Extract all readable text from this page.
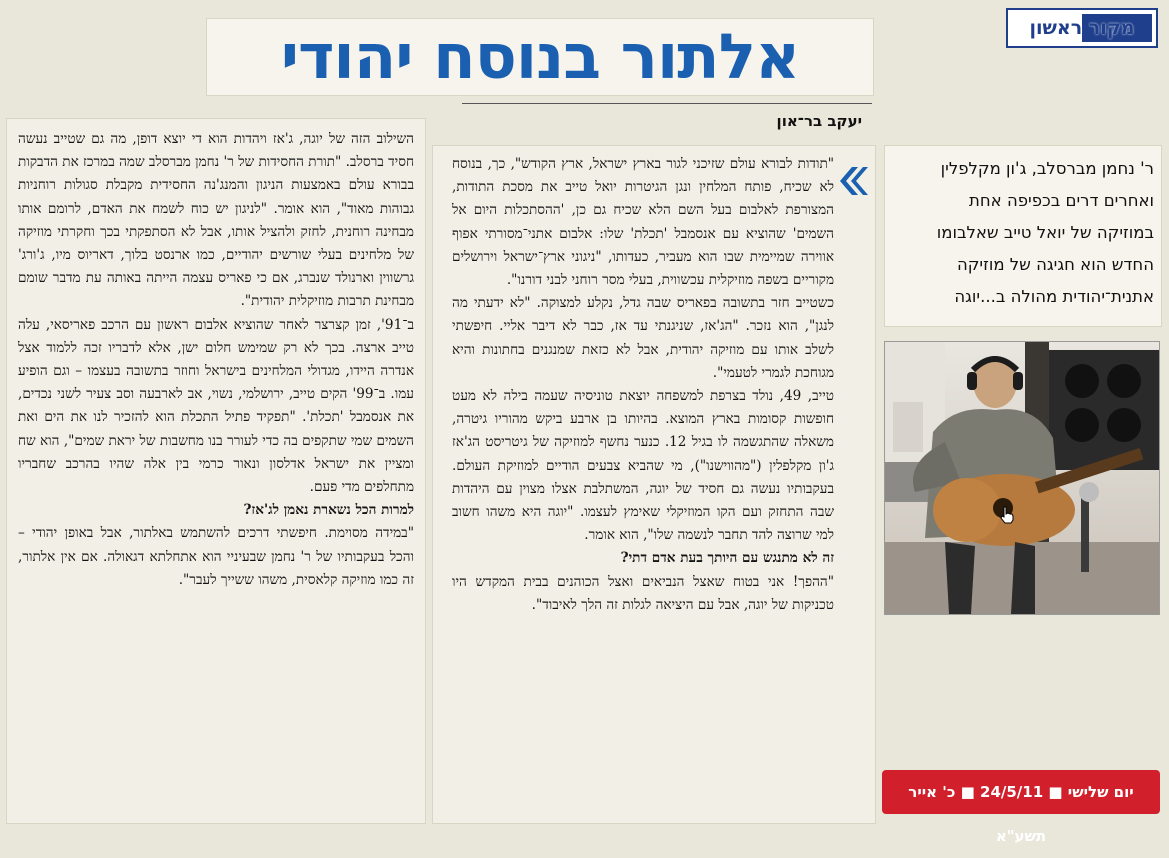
מקור ראשון
אלתור בנוסח יהודי
יעקב בר־און

השילוב הזה של יוגה, ג'אז ויהדות הוא די יוצא דופן, מה גם שטייב נעשה חסיד ברסלב. "תורת החסידות של ר' נחמן מברסלב שמה במרכז את הדבקות בבורא עולם באמצעות הניגון והמנג'נה החסידית מקבלת סגולות רוחניות גבוהות מאוד", הוא אומר. "לניגון יש כוח לשמח את האדם, לרומם אותו מבחינה רוחנית, לחזק ולהציל אותו, אבל לא הסתפקתי בכך וחקרתי מוזיקה של מלחינים בעלי שורשים יהודיים, כמו ארנסט בלוך, דאריוס מיו, ג'ורג' גרשווין וארנולד שנברג, אם כי פאריס עצמה הייתה באותה עת מדבר שומם מבחינת תרבות מוזיקלית יהודית".

ב־91', זמן קצרצר לאחר שהוציא אלבום ראשון עם הרכב פאריסאי, עלה טייב ארצה. בכך לא רק שמימש חלום ישן, אלא לדבריו זכה ללמוד אצל אנדרה היידו, מגדולי המלחינים בישראל וחוזר בתשובה בעצמו – וגם הופיע עמו. ב־99' הקים טייב, ירושלמי, נשוי, אב לארבעה וסב צעיר לשני נכדים, את אנסמבל 'תכלת'. "תפקיד פתיל התכלת הוא להזכיר לנו את הים ואת השמים שמי שתקפים בה כדי לעורר בנו מחשבות של יראת שמים", הוא שח ומציין את ישראל אדלסון ונאור כרמי בין אלה שהיו בהרכב שחבריו מתחלפים מדי פעם.

למרות הכל נשארת נאמן לג'אז?

"במידה מסוימת. חיפשתי דרכים להשתמש באלתור, אבל באופן יהודי – והכל בעקבותיו של ר' נחמן שבעיניי הוא אתחלתא דגאולה. אם אין אלתור, זה כמו מוזיקה קלאסית, משהו ששייך לעבר".

"תודות לבורא עולם שזיכני לגור בארץ ישראל, ארץ הקודש", כך, בנוסח לא שכיח, פותח המלחין ונגן הגיטרות יואל טייב את מסכת התודות, המצורפת לאלבום בעל השם הלא שכיח גם כן, 'ההסתכלות היום אל השמים' שהוציא עם אנסמבל 'תכלת' שלו: אלבום אתני־מסורתי אפוף אווירה שמיימית שבו הוא מעביר, כעדותו, "ניגוני ארץ־ישראל וירושלים מקוריים בשפה מוזיקלית עכשווית, בעלי מסר רוחני לבני דורנו".

כשטייב חזר בתשובה בפאריס שבה גדל, נקלע למצוקה. "לא ידעתי מה לנגן", הוא נזכר. "הג'אז, שניגנתי עד אז, כבר לא דיבר אליי. חיפשתי לשלב אותו עם מוזיקה יהודית, אבל לא כזאת שמנגנים בחתונות והיא מגוחכת לגמרי לטעמי".

טייב, 49, נולד בצרפת למשפחה יוצאת טוניסיה שעמה בילה לא מעט חופשות קסומות בארץ המוצא. בהיותו בן ארבע ביקש מהוריו גיטרה, משאלה שהתגשמה לו בגיל 12. כנער נחשף למוזיקה של גיטריסט הג'אז ג'ון מקלפלין ("מהווישנו"), מי שהביא צבעים הודיים למוזיקת העולם. בעקבותיו נעשה גם חסיד של יוגה, המשתלבת אצלו מצוין עם היהדות שבה התחזק ועם הקו המוזיקלי שאימץ לעצמו. "יוגה היא משהו חשוב למי שרוצה להד תחבר לנשמה שלו", הוא אומר.

זה לא מתנגש עם היותך בעת אדם דתי?

"ההפך! אני בטוח שאצל הנביאים ואצל הכוהנים בבית המקדש היו טכניקות של יוגה, אבל עם היציאה לגלות זה הלך לאיבוד".

ר' נחמן מברסלב, ג'ון מקלפלין ואחרים דרים בכפיפה אחת במוזיקה של יואל טייב שאלבומו החדש הוא חגיגה של מוזיקה אתנית־יהודית מהולה ב...יוגה
יום שלישי ■ 24/5/11 ■ כ' אייר תשע"א
